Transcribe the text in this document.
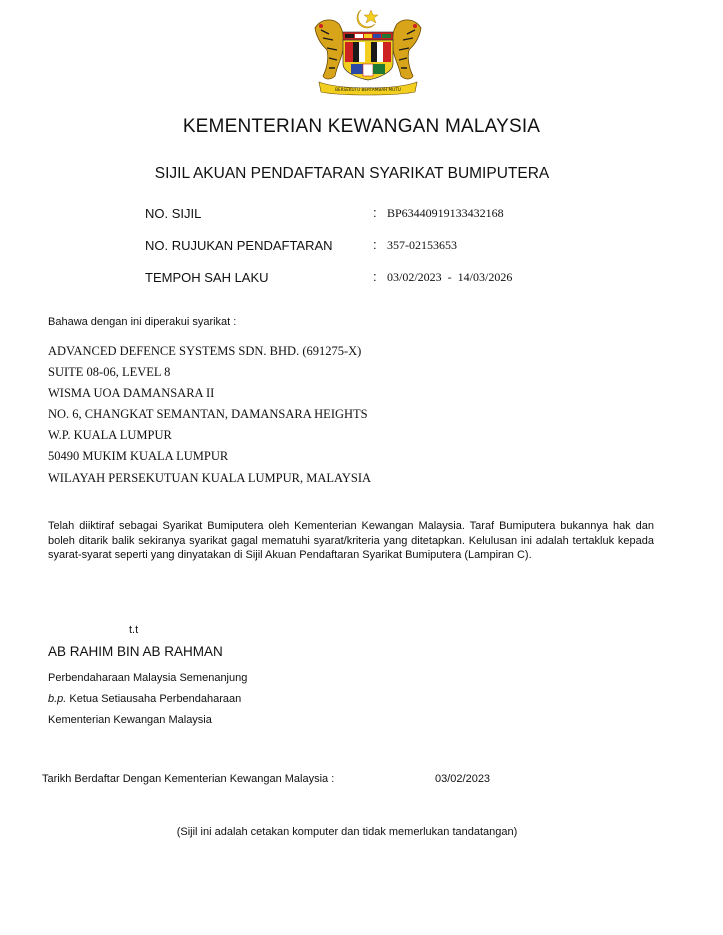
BERSEKUTU BERTAMBAH MUTU
KEMENTERIAN KEWANGAN MALAYSIA
SIJIL AKUAN PENDAFTARAN SYARIKAT BUMIPUTERA
NO. SIJIL	: BP63440919133432168
NO. RUJUKAN PENDAFTARAN	: 357-02153653
TEMPOH SAH LAKU	: 03/02/2023  -  14/03/2026
Bahawa dengan ini diperakui syarikat :
ADVANCED DEFENCE SYSTEMS SDN. BHD. (691275-X)
SUITE 08-06, LEVEL 8
WISMA UOA DAMANSARA II
NO. 6, CHANGKAT SEMANTAN, DAMANSARA HEIGHTS
W.P. KUALA LUMPUR
50490 MUKIM KUALA LUMPUR
WILAYAH PERSEKUTUAN KUALA LUMPUR, MALAYSIA
Telah diiktiraf sebagai Syarikat Bumiputera oleh Kementerian Kewangan Malaysia. Taraf Bumiputera bukannya hak dan boleh ditarik balik sekiranya syarikat gagal mematuhi syarat/kriteria yang ditetapkan. Kelulusan ini adalah tertakluk kepada syarat-syarat seperti yang dinyatakan di Sijil Akuan Pendaftaran Syarikat Bumiputera (Lampiran C).
t.t
AB RAHIM BIN AB RAHMAN
Perbendaharaan Malaysia Semenanjung
b.p. Ketua Setiausaha Perbendaharaan
Kementerian Kewangan Malaysia
Tarikh Berdaftar Dengan Kementerian Kewangan Malaysia :	03/02/2023
(Sijil ini adalah cetakan komputer dan tidak memerlukan tandatangan)
